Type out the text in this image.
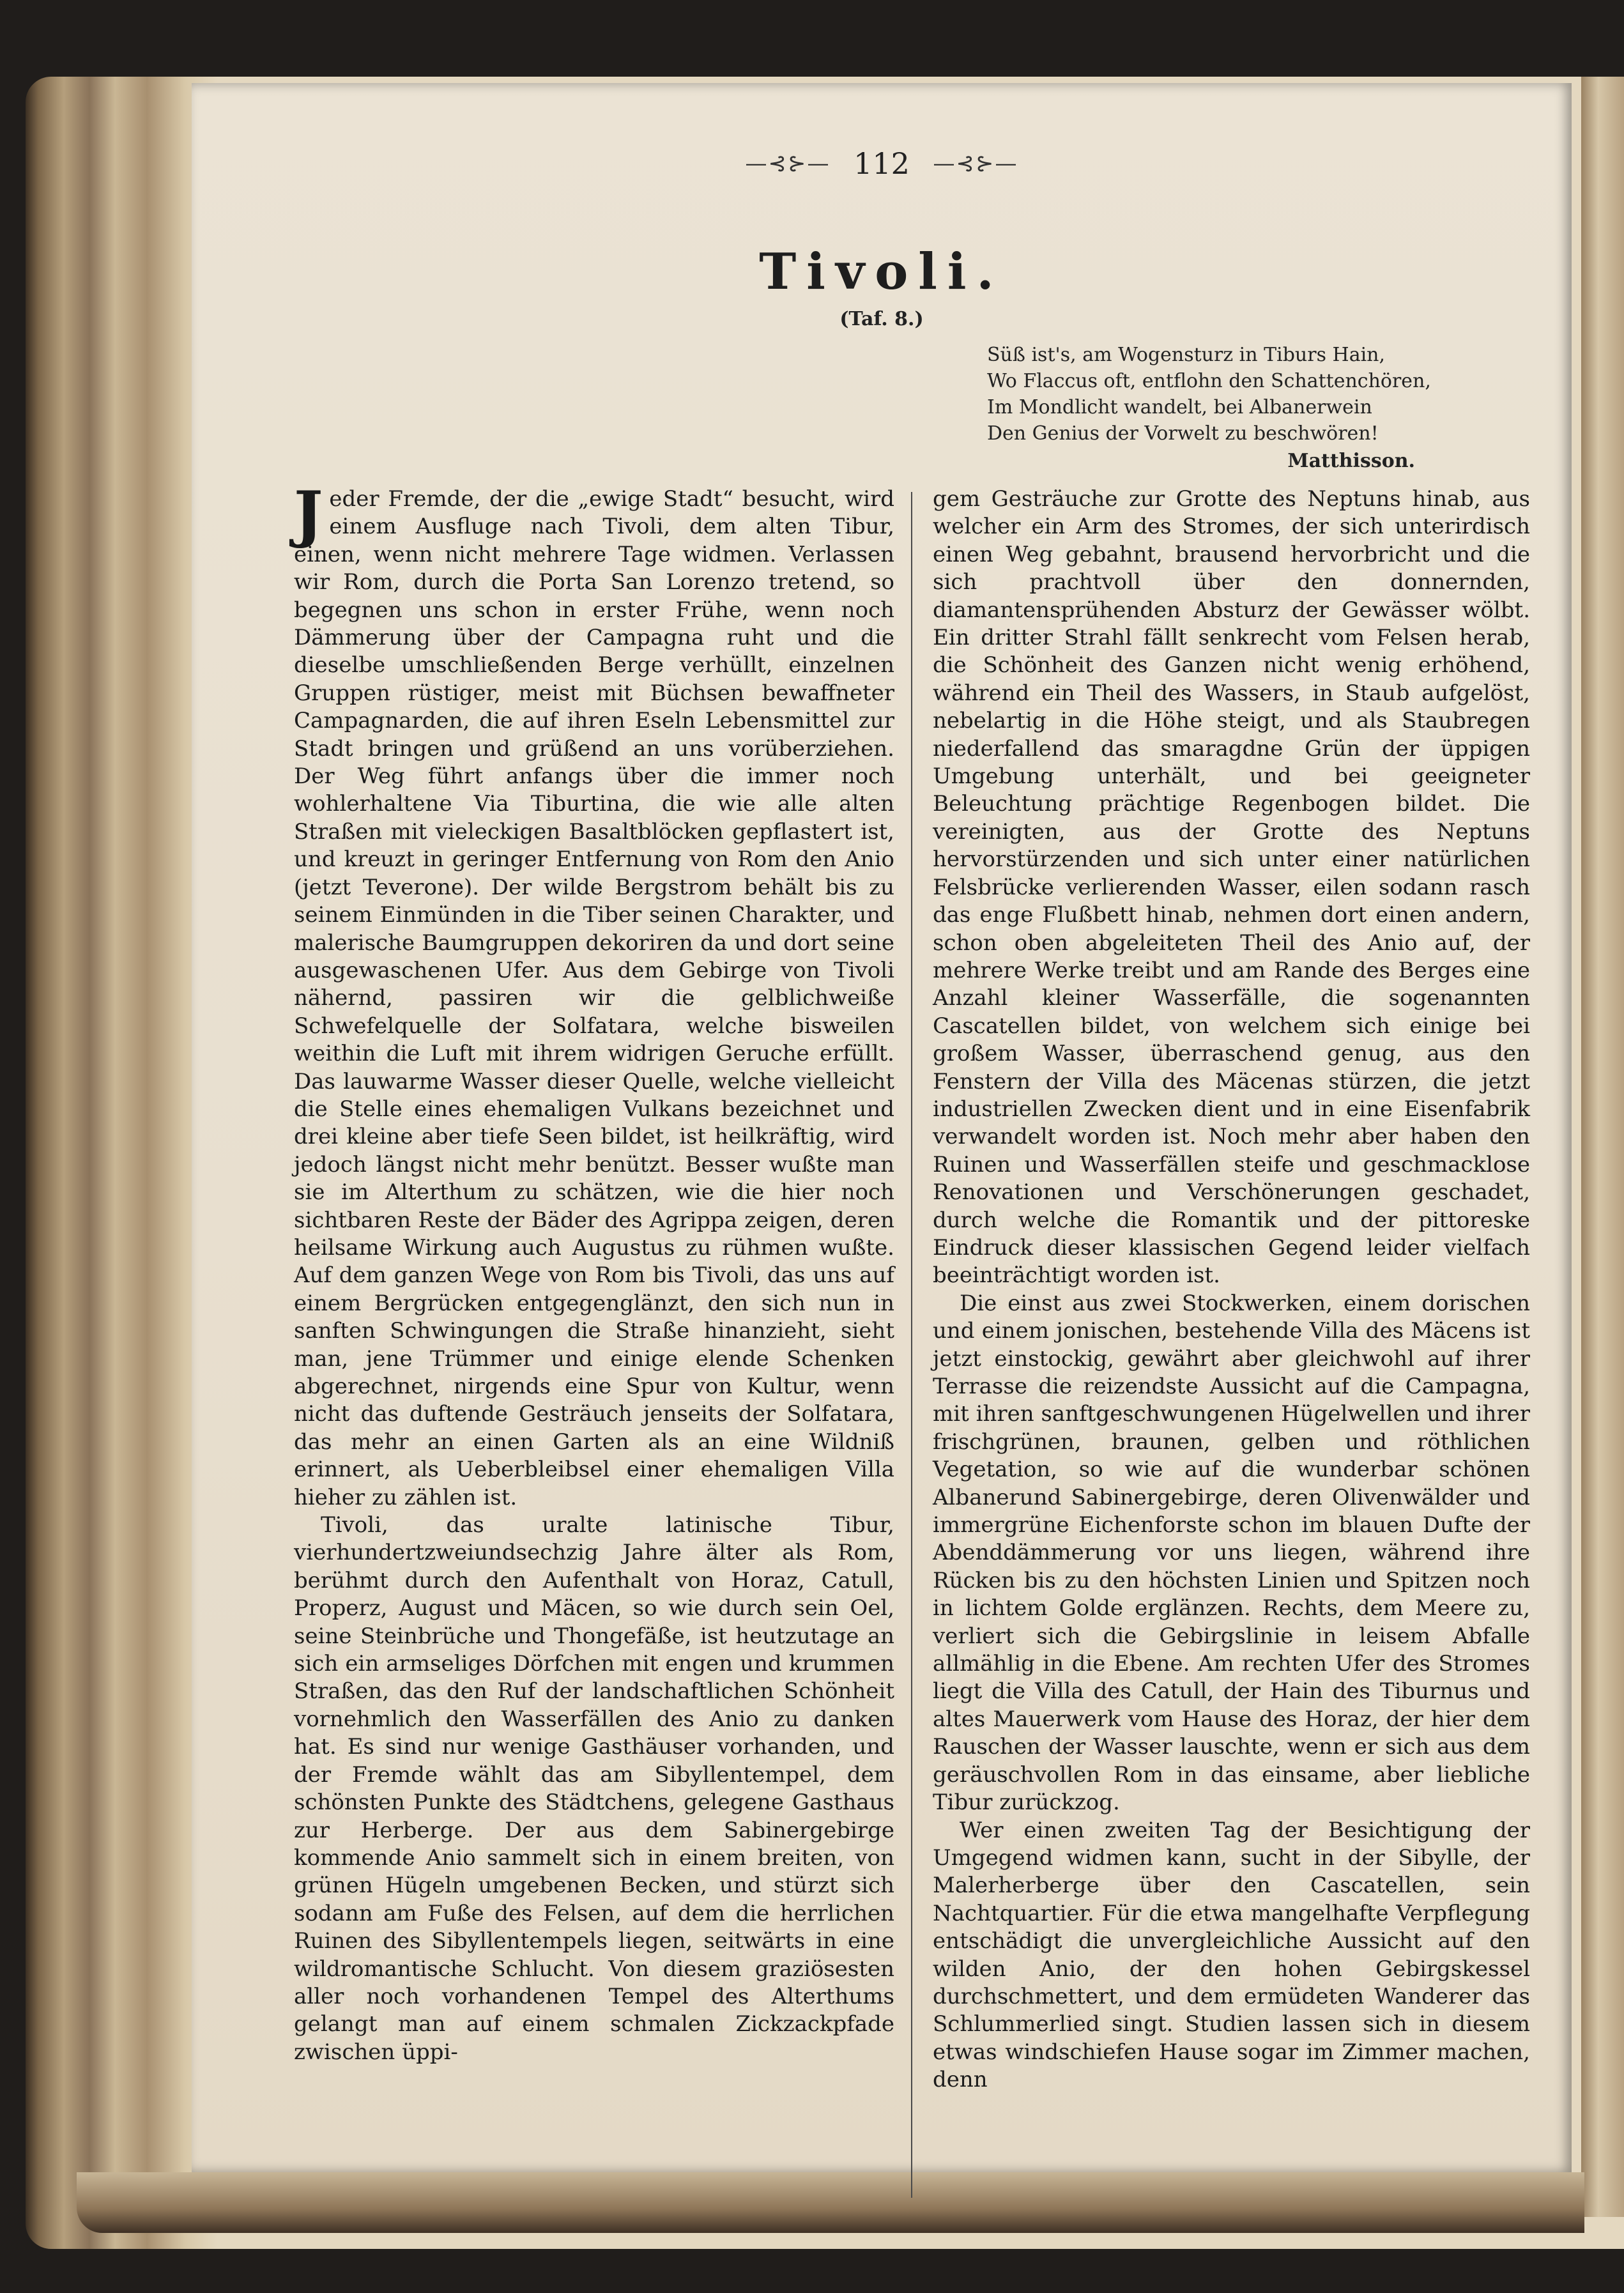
—⊰⊱— 112 —⊰⊱—
Tivoli.
(Taf. 8.)
Süß ist's, am Wogensturz in Tiburs Hain,
Wo Flaccus oft, entflohn den Schattenchören,
Im Mondlicht wandelt, bei Albanerwein
Den Genius der Vorwelt zu beschwören!
Matthisson.

Jeder Fremde, der die „ewige Stadt“ besucht, wird einem Ausfluge nach Tivoli, dem alten Tibur, einen, wenn nicht mehrere Tage widmen. Verlassen wir Rom, durch die Porta San Lorenzo tretend, so begegnen uns schon in erster Frühe, wenn noch Dämmerung über der Campagna ruht und die dieselbe umschließenden Berge verhüllt, einzelnen Gruppen rüstiger, meist mit Büchsen bewaffneter Campagnarden, die auf ihren Eseln Lebensmittel zur Stadt bringen und grüßend an uns vorüberziehen. Der Weg führt anfangs über die immer noch wohlerhaltene Via Tiburtina, die wie alle alten Straßen mit vieleckigen Basaltblöcken gepflastert ist, und kreuzt in geringer Entfernung von Rom den Anio (jetzt Teverone). Der wilde Bergstrom behält bis zu seinem Einmünden in die Tiber seinen Charakter, und malerische Baumgruppen dekoriren da und dort seine ausgewaschenen Ufer. Aus dem Gebirge von Tivoli nähernd, passiren wir die gelblichweiße Schwefelquelle der Solfatara, welche bisweilen weithin die Luft mit ihrem widrigen Geruche erfüllt. Das lauwarme Wasser dieser Quelle, welche vielleicht die Stelle eines ehemaligen Vulkans bezeichnet und drei kleine aber tiefe Seen bildet, ist heilkräftig, wird jedoch längst nicht mehr benützt. Besser wußte man sie im Alterthum zu schätzen, wie die hier noch sichtbaren Reste der Bäder des Agrippa zeigen, deren heilsame Wirkung auch Augustus zu rühmen wußte. Auf dem ganzen Wege von Rom bis Tivoli, das uns auf einem Bergrücken entgegenglänzt, den sich nun in sanften Schwingungen die Straße hinanzieht, sieht man, jene Trümmer und einige elende Schenken abgerechnet, nirgends eine Spur von Kultur, wenn nicht das duftende Gesträuch jenseits der Solfatara, das mehr an einen Garten als an eine Wildniß erinnert, als Ueberbleibsel einer ehemaligen Villa hieher zu zählen ist.

Tivoli, das uralte latinische Tibur, vierhundertzweiundsechzig Jahre älter als Rom, berühmt durch den Aufenthalt von Horaz, Catull, Properz, August und Mäcen, so wie durch sein Oel, seine Steinbrüche und Thongefäße, ist heutzutage an sich ein armseliges Dörfchen mit engen und krummen Straßen, das den Ruf der landschaftlichen Schönheit vornehmlich den Wasserfällen des Anio zu danken hat. Es sind nur wenige Gasthäuser vorhanden, und der Fremde wählt das am Sibyllentempel, dem schönsten Punkte des Städtchens, gelegene Gasthaus zur Herberge. Der aus dem Sabinergebirge kommende Anio sammelt sich in einem breiten, von grünen Hügeln umgebenen Becken, und stürzt sich sodann am Fuße des Felsen, auf dem die herrlichen Ruinen des Sibyllentempels liegen, seitwärts in eine wildromantische Schlucht. Von diesem graziösesten aller noch vorhandenen Tempel des Alterthums gelangt man auf einem schmalen Zickzackpfade zwischen üppi-

gem Gesträuche zur Grotte des Neptuns hinab, aus welcher ein Arm des Stromes, der sich unterirdisch einen Weg gebahnt, brausend hervorbricht und die sich prachtvoll über den donnernden, diamantensprühenden Absturz der Gewässer wölbt. Ein dritter Strahl fällt senkrecht vom Felsen herab, die Schönheit des Ganzen nicht wenig erhöhend, während ein Theil des Wassers, in Staub aufgelöst, nebelartig in die Höhe steigt, und als Staubregen niederfallend das smaragdne Grün der üppigen Umgebung unterhält, und bei geeigneter Beleuchtung prächtige Regenbogen bildet. Die vereinigten, aus der Grotte des Neptuns hervorstürzenden und sich unter einer natürlichen Felsbrücke verlierenden Wasser, eilen sodann rasch das enge Flußbett hinab, nehmen dort einen andern, schon oben abgeleiteten Theil des Anio auf, der mehrere Werke treibt und am Rande des Berges eine Anzahl kleiner Wasserfälle, die sogenannten Cascatellen bildet, von welchem sich einige bei großem Wasser, überraschend genug, aus den Fenstern der Villa des Mäcenas stürzen, die jetzt industriellen Zwecken dient und in eine Eisenfabrik verwandelt worden ist. Noch mehr aber haben den Ruinen und Wasserfällen steife und geschmacklose Renovationen und Verschönerungen geschadet, durch welche die Romantik und der pittoreske Eindruck dieser klassischen Gegend leider vielfach beeinträchtigt worden ist.

Die einst aus zwei Stockwerken, einem dorischen und einem jonischen, bestehende Villa des Mäcens ist jetzt einstockig, gewährt aber gleichwohl auf ihrer Terrasse die reizendste Aussicht auf die Campagna, mit ihren sanftgeschwungenen Hügelwellen und ihrer frischgrünen, braunen, gelben und röthlichen Vegetation, so wie auf die wunderbar schönen Albanerund Sabinergebirge, deren Olivenwälder und immergrüne Eichenforste schon im blauen Dufte der Abenddämmerung vor uns liegen, während ihre Rücken bis zu den höchsten Linien und Spitzen noch in lichtem Golde erglänzen. Rechts, dem Meere zu, verliert sich die Gebirgslinie in leisem Abfalle allmählig in die Ebene. Am rechten Ufer des Stromes liegt die Villa des Catull, der Hain des Tiburnus und altes Mauerwerk vom Hause des Horaz, der hier dem Rauschen der Wasser lauschte, wenn er sich aus dem geräuschvollen Rom in das einsame, aber liebliche Tibur zurückzog.

Wer einen zweiten Tag der Besichtigung der Umgegend widmen kann, sucht in der Sibylle, der Malerherberge über den Cascatellen, sein Nachtquartier. Für die etwa mangelhafte Verpflegung entschädigt die unvergleichliche Aussicht auf den wilden Anio, der den hohen Gebirgskessel durchschmettert, und dem ermüdeten Wanderer das Schlummerlied singt. Studien lassen sich in diesem etwas windschiefen Hause sogar im Zimmer machen, denn
